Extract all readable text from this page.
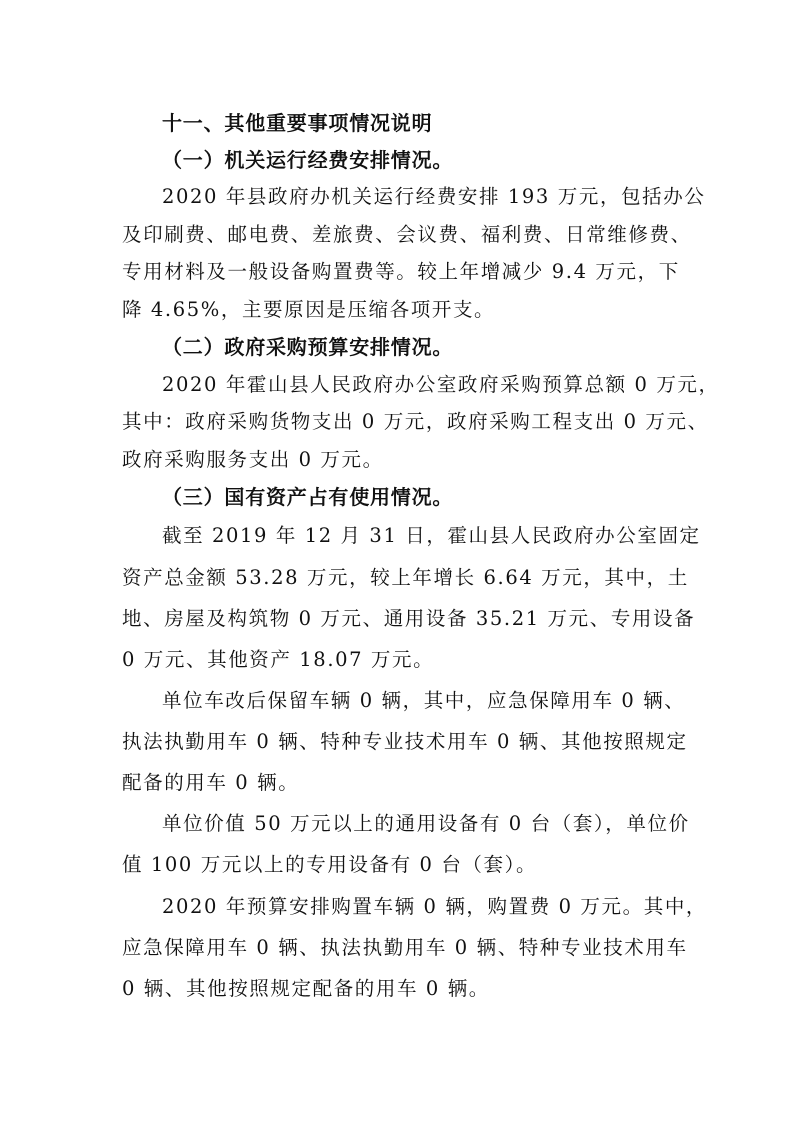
十一、其他重要事项情况说明
（一）机关运行经费安排情况。
2020 年县政府办机关运行经费安排 193 万元，包括办公
及印刷费、邮电费、差旅费、会议费、福利费、日常维修费、
专用材料及一般设备购置费等。较上年增减少 9.4 万元，下
降 4.65%，主要原因是压缩各项开支。
（二）政府采购预算安排情况。
2020 年霍山县人民政府办公室政府采购预算总额 0 万元，
其中：政府采购货物支出 0 万元，政府采购工程支出 0 万元、
政府采购服务支出 0 万元。
（三）国有资产占有使用情况。
截至 2019 年 12 月 31 日，霍山县人民政府办公室固定
资产总金额 53.28 万元，较上年增长 6.64 万元，其中，土
地、房屋及构筑物 0 万元、通用设备 35.21 万元、专用设备
0 万元、其他资产 18.07 万元。
单位车改后保留车辆 0 辆，其中，应急保障用车 0 辆、
执法执勤用车 0 辆、特种专业技术用车 0 辆、其他按照规定
配备的用车 0 辆。
单位价值 50 万元以上的通用设备有 0 台（套），单位价
值 100 万元以上的专用设备有 0 台（套）。
2020 年预算安排购置车辆 0 辆，购置费 0 万元。其中，
应急保障用车 0 辆、执法执勤用车 0 辆、特种专业技术用车
0 辆、其他按照规定配备的用车 0 辆。
